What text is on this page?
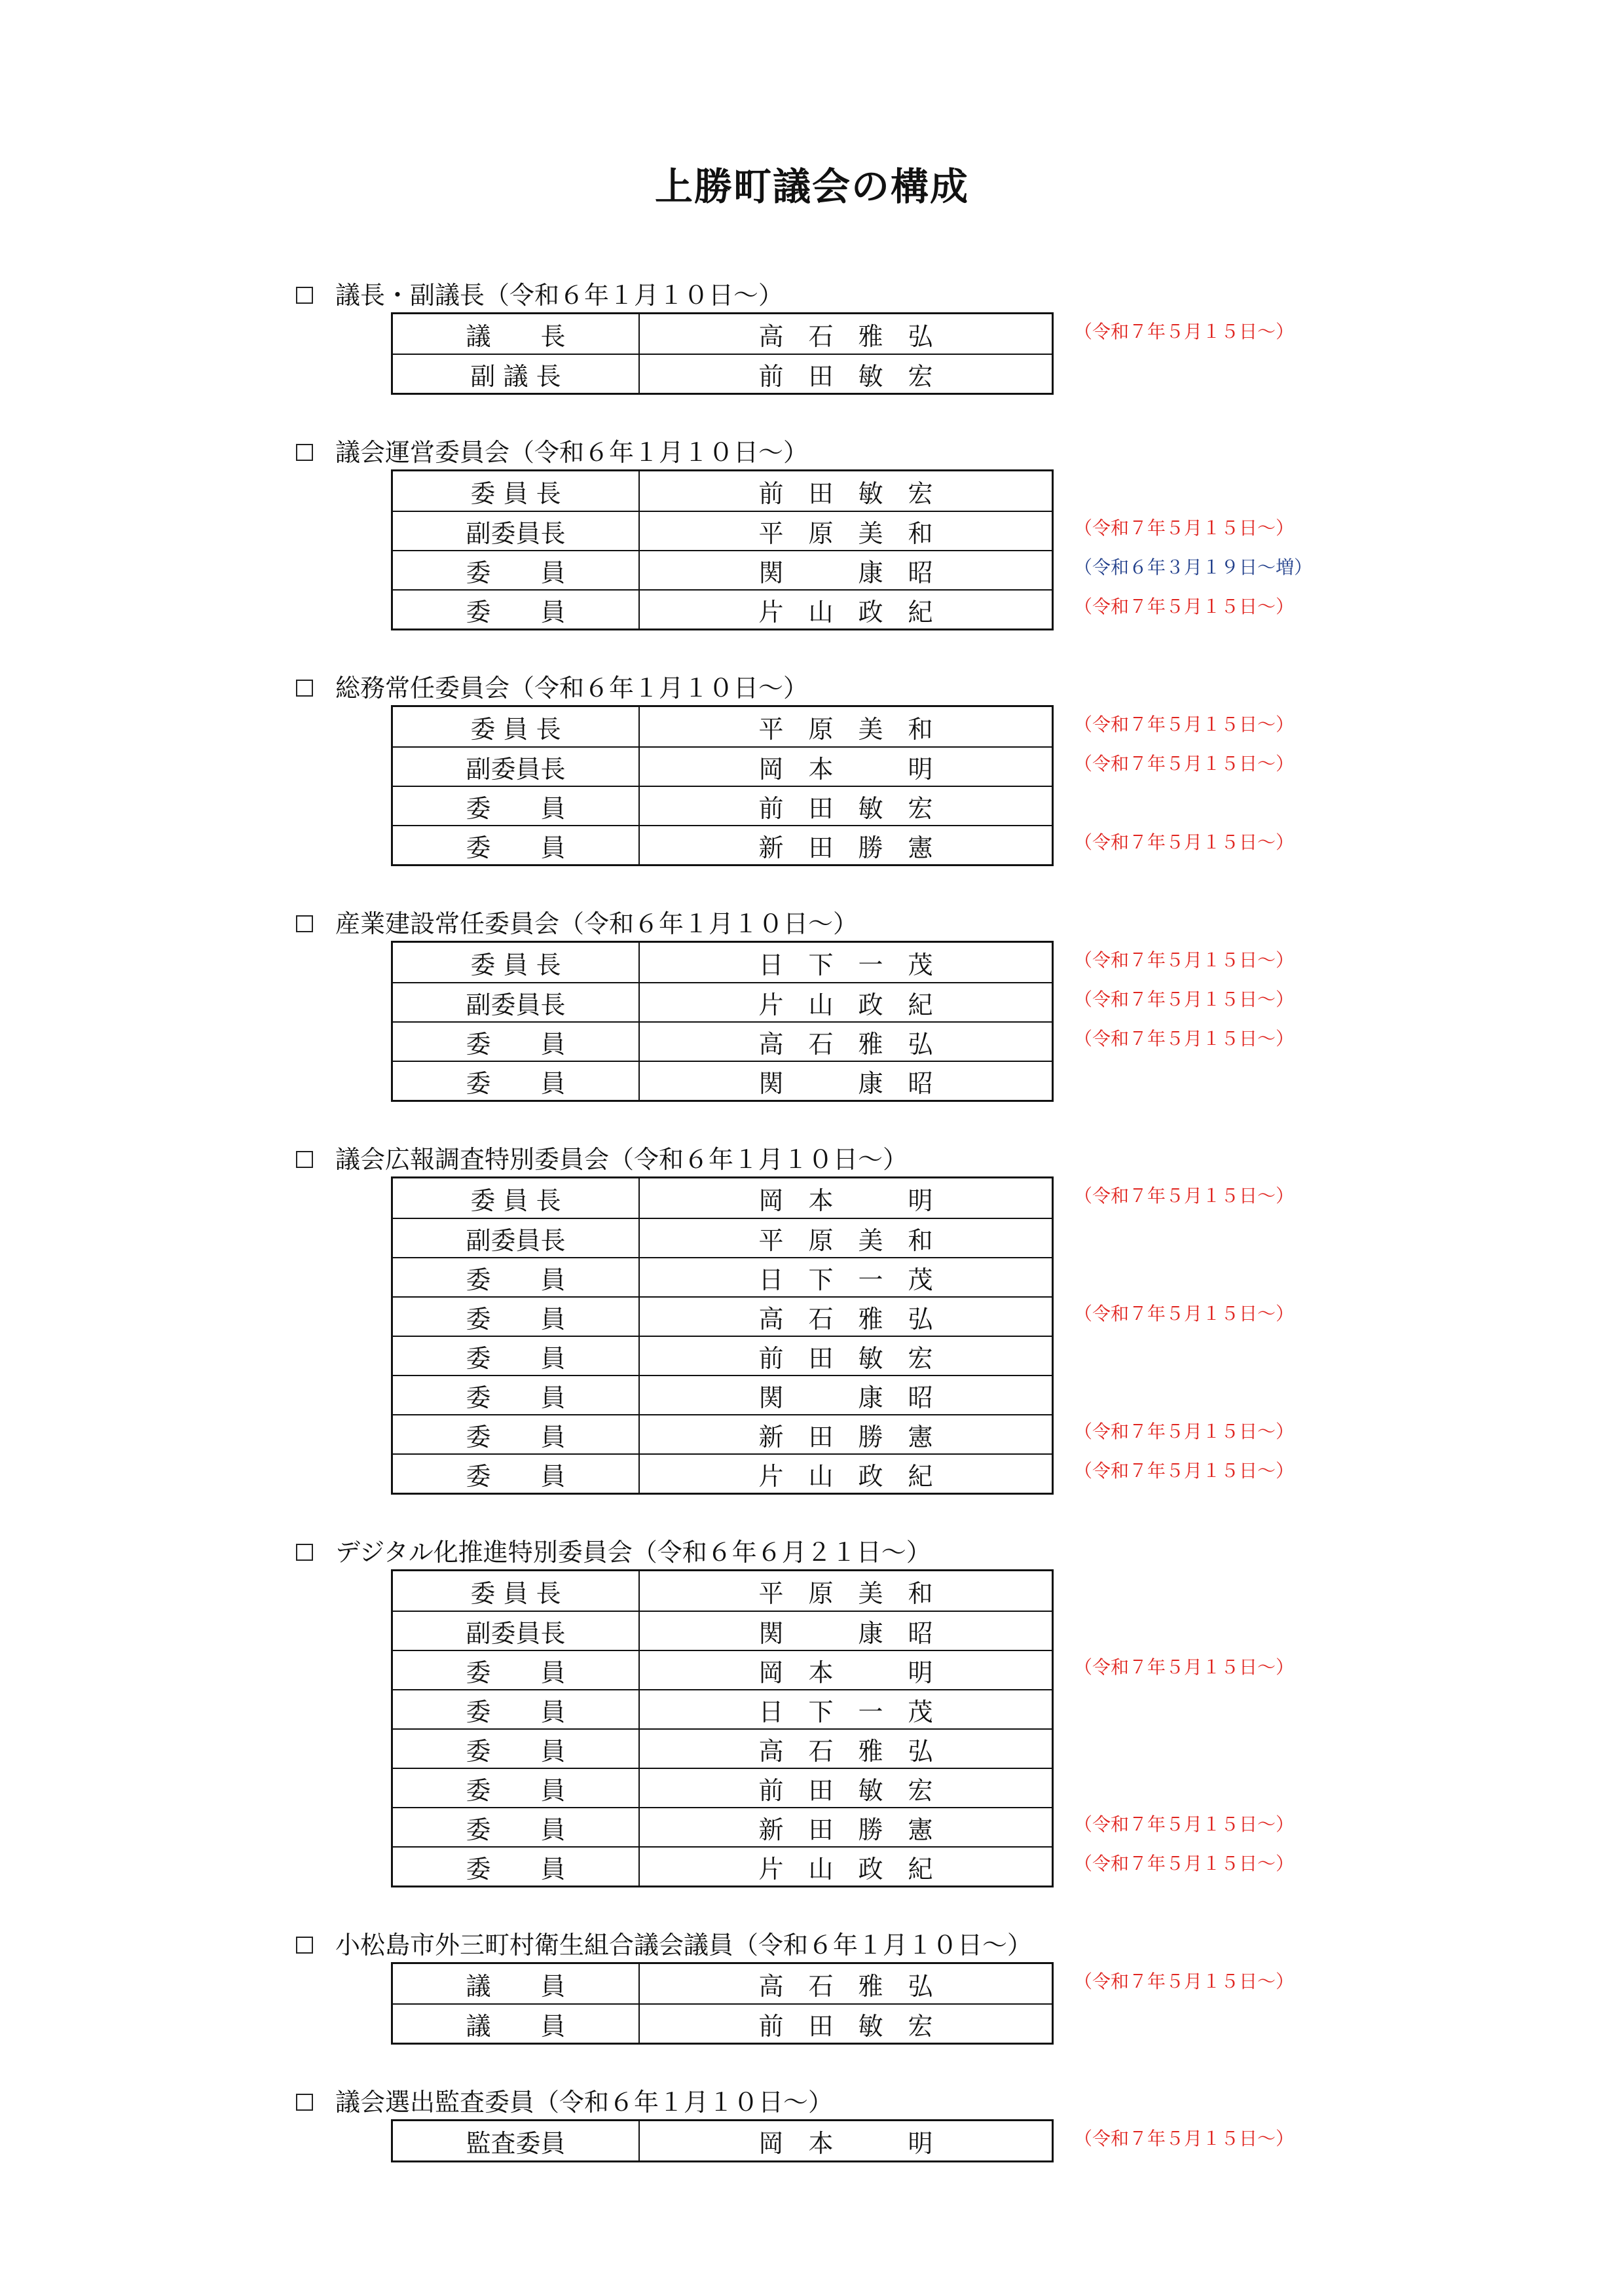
上勝町議会の構成
議長・副議長（令和６年１月１０日～）
（令和７年５月１５日～）
議　　長	高　石　雅　弘
副 議 長	前　田　敏　宏
議会運営委員会（令和６年１月１０日～）
（令和７年５月１５日～）
（令和６年３月１９日～増）
（令和７年５月１５日～）
委 員 長	前　田　敏　宏
副委員長	平　原　美　和
委　　員	関　　　康　昭
委　　員	片　山　政　紀
総務常任委員会（令和６年１月１０日～）
（令和７年５月１５日～）
（令和７年５月１５日～）
（令和７年５月１５日～）
委 員 長	平　原　美　和
副委員長	岡　本　　　明
委　　員	前　田　敏　宏
委　　員	新　田　勝　憲
産業建設常任委員会（令和６年１月１０日～）
（令和７年５月１５日～）
（令和７年５月１５日～）
（令和７年５月１５日～）
委 員 長	日　下　一　茂
副委員長	片　山　政　紀
委　　員	高　石　雅　弘
委　　員	関　　　康　昭
議会広報調査特別委員会（令和６年１月１０日～）
（令和７年５月１５日～）
（令和７年５月１５日～）
（令和７年５月１５日～）
（令和７年５月１５日～）
委 員 長	岡　本　　　明
副委員長	平　原　美　和
委　　員	日　下　一　茂
委　　員	高　石　雅　弘
委　　員	前　田　敏　宏
委　　員	関　　　康　昭
委　　員	新　田　勝　憲
委　　員	片　山　政　紀
デジタル化推進特別委員会（令和６年６月２１日～）
（令和７年５月１５日～）
（令和７年５月１５日～）
（令和７年５月１５日～）
委 員 長	平　原　美　和
副委員長	関　　　康　昭
委　　員	岡　本　　　明
委　　員	日　下　一　茂
委　　員	高　石　雅　弘
委　　員	前　田　敏　宏
委　　員	新　田　勝　憲
委　　員	片　山　政　紀
小松島市外三町村衛生組合議会議員（令和６年１月１０日～）
（令和７年５月１５日～）
議　　員	高　石　雅　弘
議　　員	前　田　敏　宏
議会選出監査委員（令和６年１月１０日～）
（令和７年５月１５日～）
監査委員	岡　本　　　明
